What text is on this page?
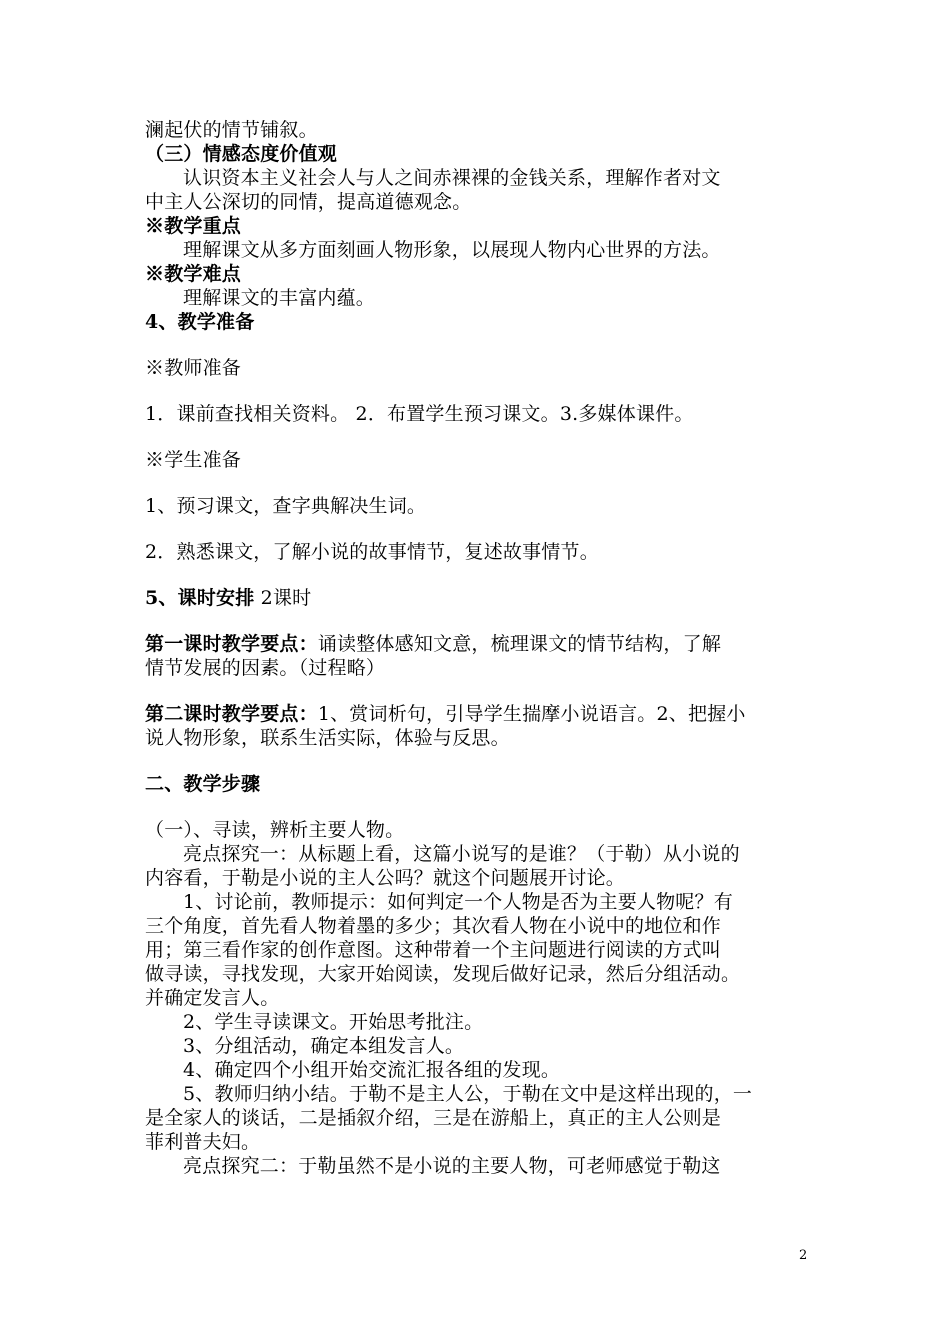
澜起伏的情节铺叙。
（三）情感态度价值观
认识资本主义社会人与人之间赤裸裸的金钱关系，理解作者对文
中主人公深切的同情，提高道德观念。
※教学重点
理解课文从多方面刻画人物形象，以展现人物内心世界的方法。
※教学难点
理解课文的丰富内蕴。
4、教学准备
※教师准备
1．课前查找相关资料。 2．布置学生预习课文。3.多媒体课件。
※学生准备
1、预习课文，查字典解决生词。
2．熟悉课文，了解小说的故事情节，复述故事情节。
5、课时安排 2课时
第一课时教学要点：诵读整体感知文意，梳理课文的情节结构，了解
情节发展的因素。（过程略）
第二课时教学要点：1、赏词析句，引导学生揣摩小说语言。2、把握小
说人物形象，联系生活实际，体验与反思。
二、教学步骤
（一）、寻读，辨析主要人物。
亮点探究一：从标题上看，这篇小说写的是谁？（于勒）从小说的
内容看，于勒是小说的主人公吗？就这个问题展开讨论。
1、讨论前，教师提示：如何判定一个人物是否为主要人物呢？有
三个角度，首先看人物着墨的多少；其次看人物在小说中的地位和作
用；第三看作家的创作意图。这种带着一个主问题进行阅读的方式叫
做寻读，寻找发现，大家开始阅读，发现后做好记录，然后分组活动。
并确定发言人。
2、学生寻读课文。开始思考批注。
3、分组活动，确定本组发言人。
4、确定四个小组开始交流汇报各组的发现。
5、教师归纳小结。于勒不是主人公，于勒在文中是这样出现的，一
是全家人的谈话，二是插叙介绍，三是在游船上，真正的主人公则是
菲利普夫妇。
亮点探究二：于勒虽然不是小说的主要人物，可老师感觉于勒这
2
